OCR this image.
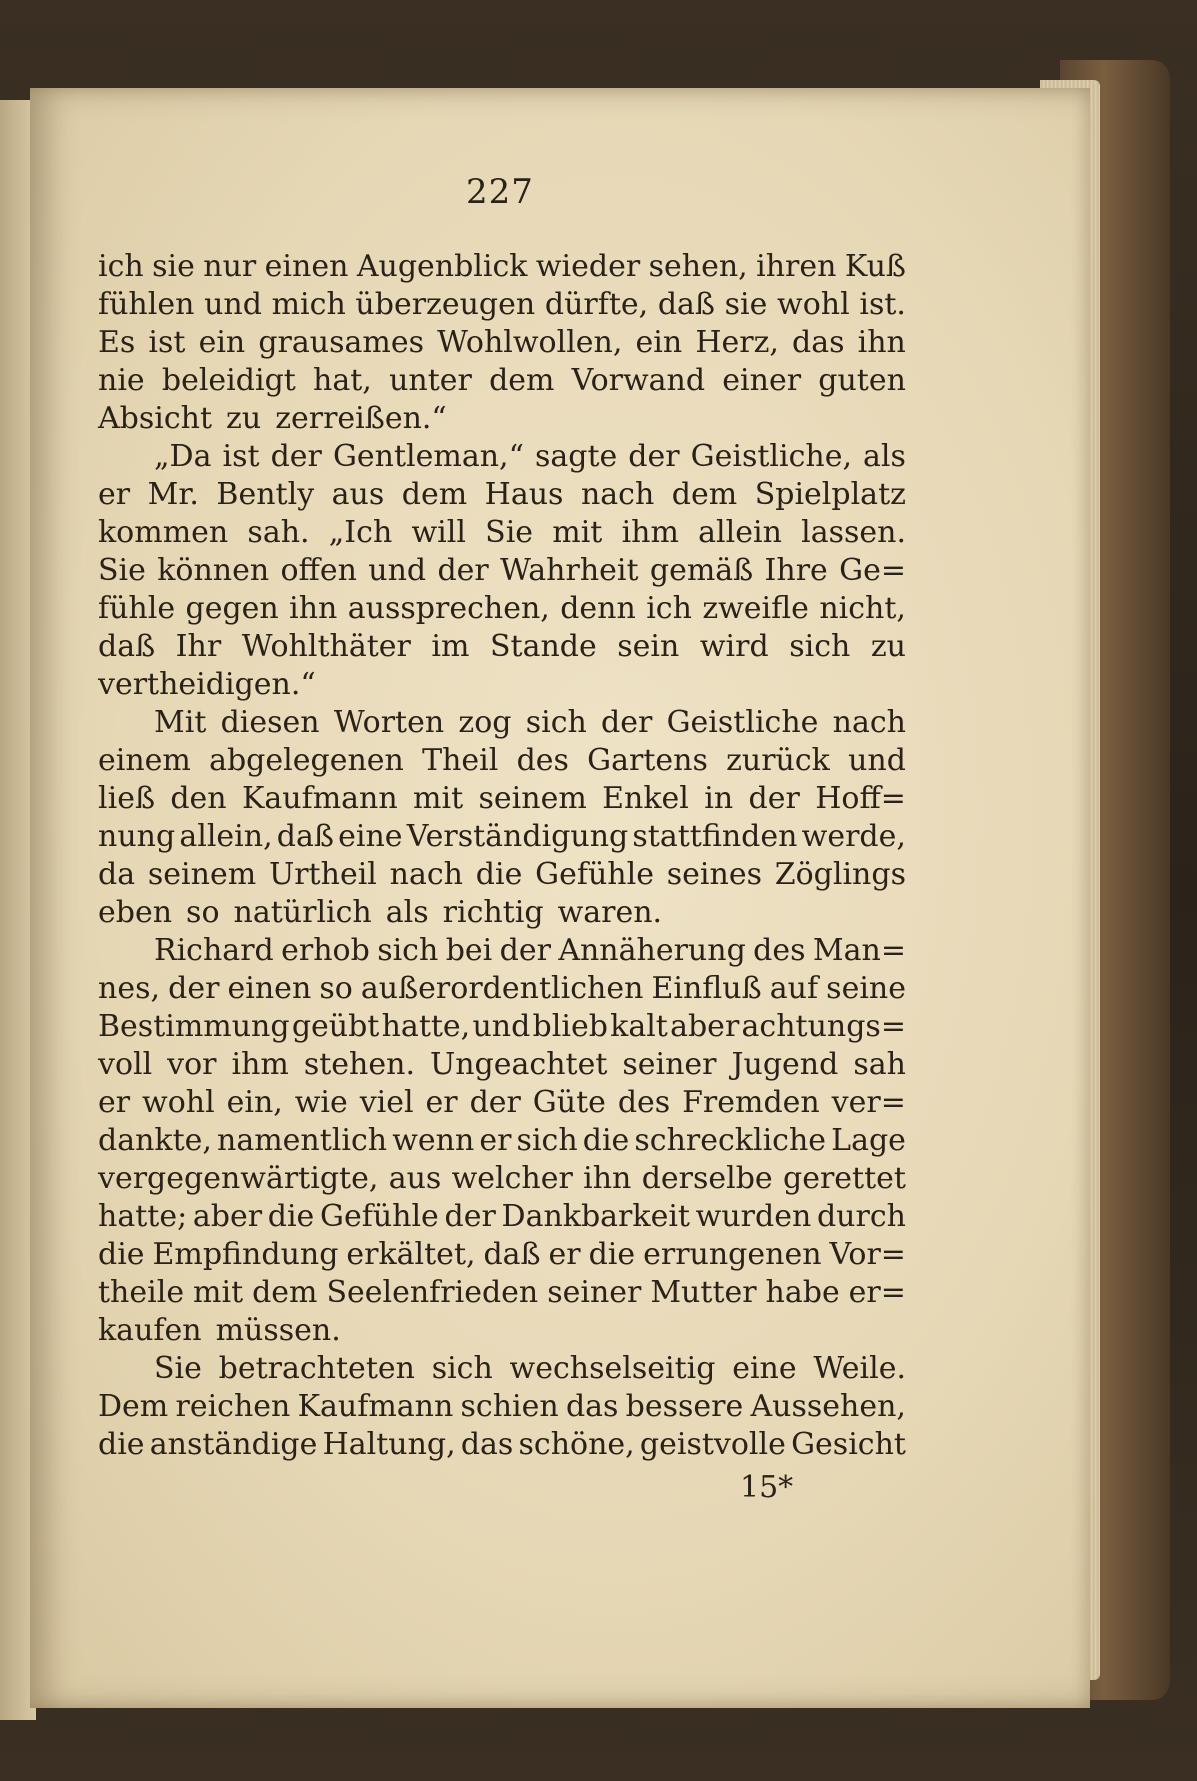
227
ich sie nur einen Augenblick wieder sehen, ihren Kuß
fühlen und mich überzeugen dürfte, daß sie wohl ist.
Es ist ein grausames Wohlwollen, ein Herz, das ihn
nie beleidigt hat, unter dem Vorwand einer guten
Absicht zu zerreißen.“
„Da ist der Gentleman,“ sagte der Geistliche, als
er Mr. Bently aus dem Haus nach dem Spielplatz
kommen sah. „Ich will Sie mit ihm allein lassen.
Sie können offen und der Wahrheit gemäß Ihre Ge=
fühle gegen ihn aussprechen, denn ich zweifle nicht,
daß Ihr Wohlthäter im Stande sein wird sich zu
vertheidigen.“
Mit diesen Worten zog sich der Geistliche nach
einem abgelegenen Theil des Gartens zurück und
ließ den Kaufmann mit seinem Enkel in der Hoff=
nung allein, daß eine Verständigung stattfinden werde,
da seinem Urtheil nach die Gefühle seines Zöglings
eben so natürlich als richtig waren.
Richard erhob sich bei der Annäherung des Man=
nes, der einen so außerordentlichen Einfluß auf seine
Bestimmung geübt hatte, und blieb kalt aber achtungs=
voll vor ihm stehen. Ungeachtet seiner Jugend sah
er wohl ein, wie viel er der Güte des Fremden ver=
dankte, namentlich wenn er sich die schreckliche Lage
vergegenwärtigte, aus welcher ihn derselbe gerettet
hatte; aber die Gefühle der Dankbarkeit wurden durch
die Empfindung erkältet, daß er die errungenen Vor=
theile mit dem Seelenfrieden seiner Mutter habe er=
kaufen müssen.
Sie betrachteten sich wechselseitig eine Weile.
Dem reichen Kaufmann schien das bessere Aussehen,
die anständige Haltung, das schöne, geistvolle Gesicht
15*
